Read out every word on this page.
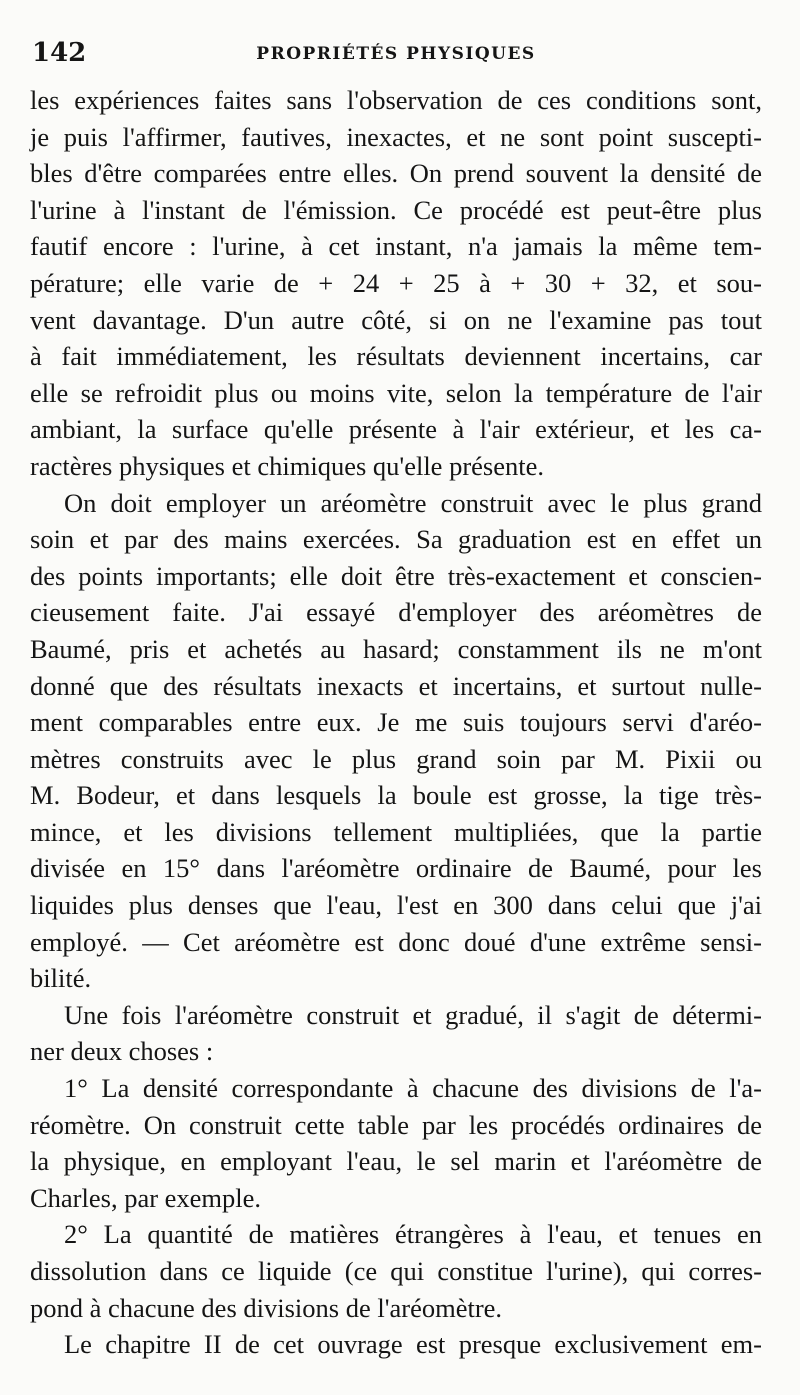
142	PROPRIÉTÉS PHYSIQUES
les expériences faites sans l'observation de ces conditions sont,
je puis l'affirmer, fautives, inexactes, et ne sont point suscepti-
bles d'être comparées entre elles. On prend souvent la densité de
l'urine à l'instant de l'émission. Ce procédé est peut-être plus
fautif encore : l'urine, à cet instant, n'a jamais la même tem-
pérature; elle varie de + 24 + 25 à + 30 + 32, et sou-
vent davantage. D'un autre côté, si on ne l'examine pas tout
à fait immédiatement, les résultats deviennent incertains, car
elle se refroidit plus ou moins vite, selon la température de l'air
ambiant, la surface qu'elle présente à l'air extérieur, et les ca-
ractères physiques et chimiques qu'elle présente.
On doit employer un aréomètre construit avec le plus grand
soin et par des mains exercées. Sa graduation est en effet un
des points importants; elle doit être très-exactement et conscien-
cieusement faite. J'ai essayé d'employer des aréomètres de
Baumé, pris et achetés au hasard; constamment ils ne m'ont
donné que des résultats inexacts et incertains, et surtout nulle-
ment comparables entre eux. Je me suis toujours servi d'aréo-
mètres construits avec le plus grand soin par M. Pixii ou
M. Bodeur, et dans lesquels la boule est grosse, la tige très-
mince, et les divisions tellement multipliées, que la partie
divisée en 15° dans l'aréomètre ordinaire de Baumé, pour les
liquides plus denses que l'eau, l'est en 300 dans celui que j'ai
employé. — Cet aréomètre est donc doué d'une extrême sensi-
bilité.
Une fois l'aréomètre construit et gradué, il s'agit de détermi-
ner deux choses :
1° La densité correspondante à chacune des divisions de l'a-
réomètre. On construit cette table par les procédés ordinaires de
la physique, en employant l'eau, le sel marin et l'aréomètre de
Charles, par exemple.
2° La quantité de matières étrangères à l'eau, et tenues en
dissolution dans ce liquide (ce qui constitue l'urine), qui corres-
pond à chacune des divisions de l'aréomètre.
Le chapitre II de cet ouvrage est presque exclusivement em-
